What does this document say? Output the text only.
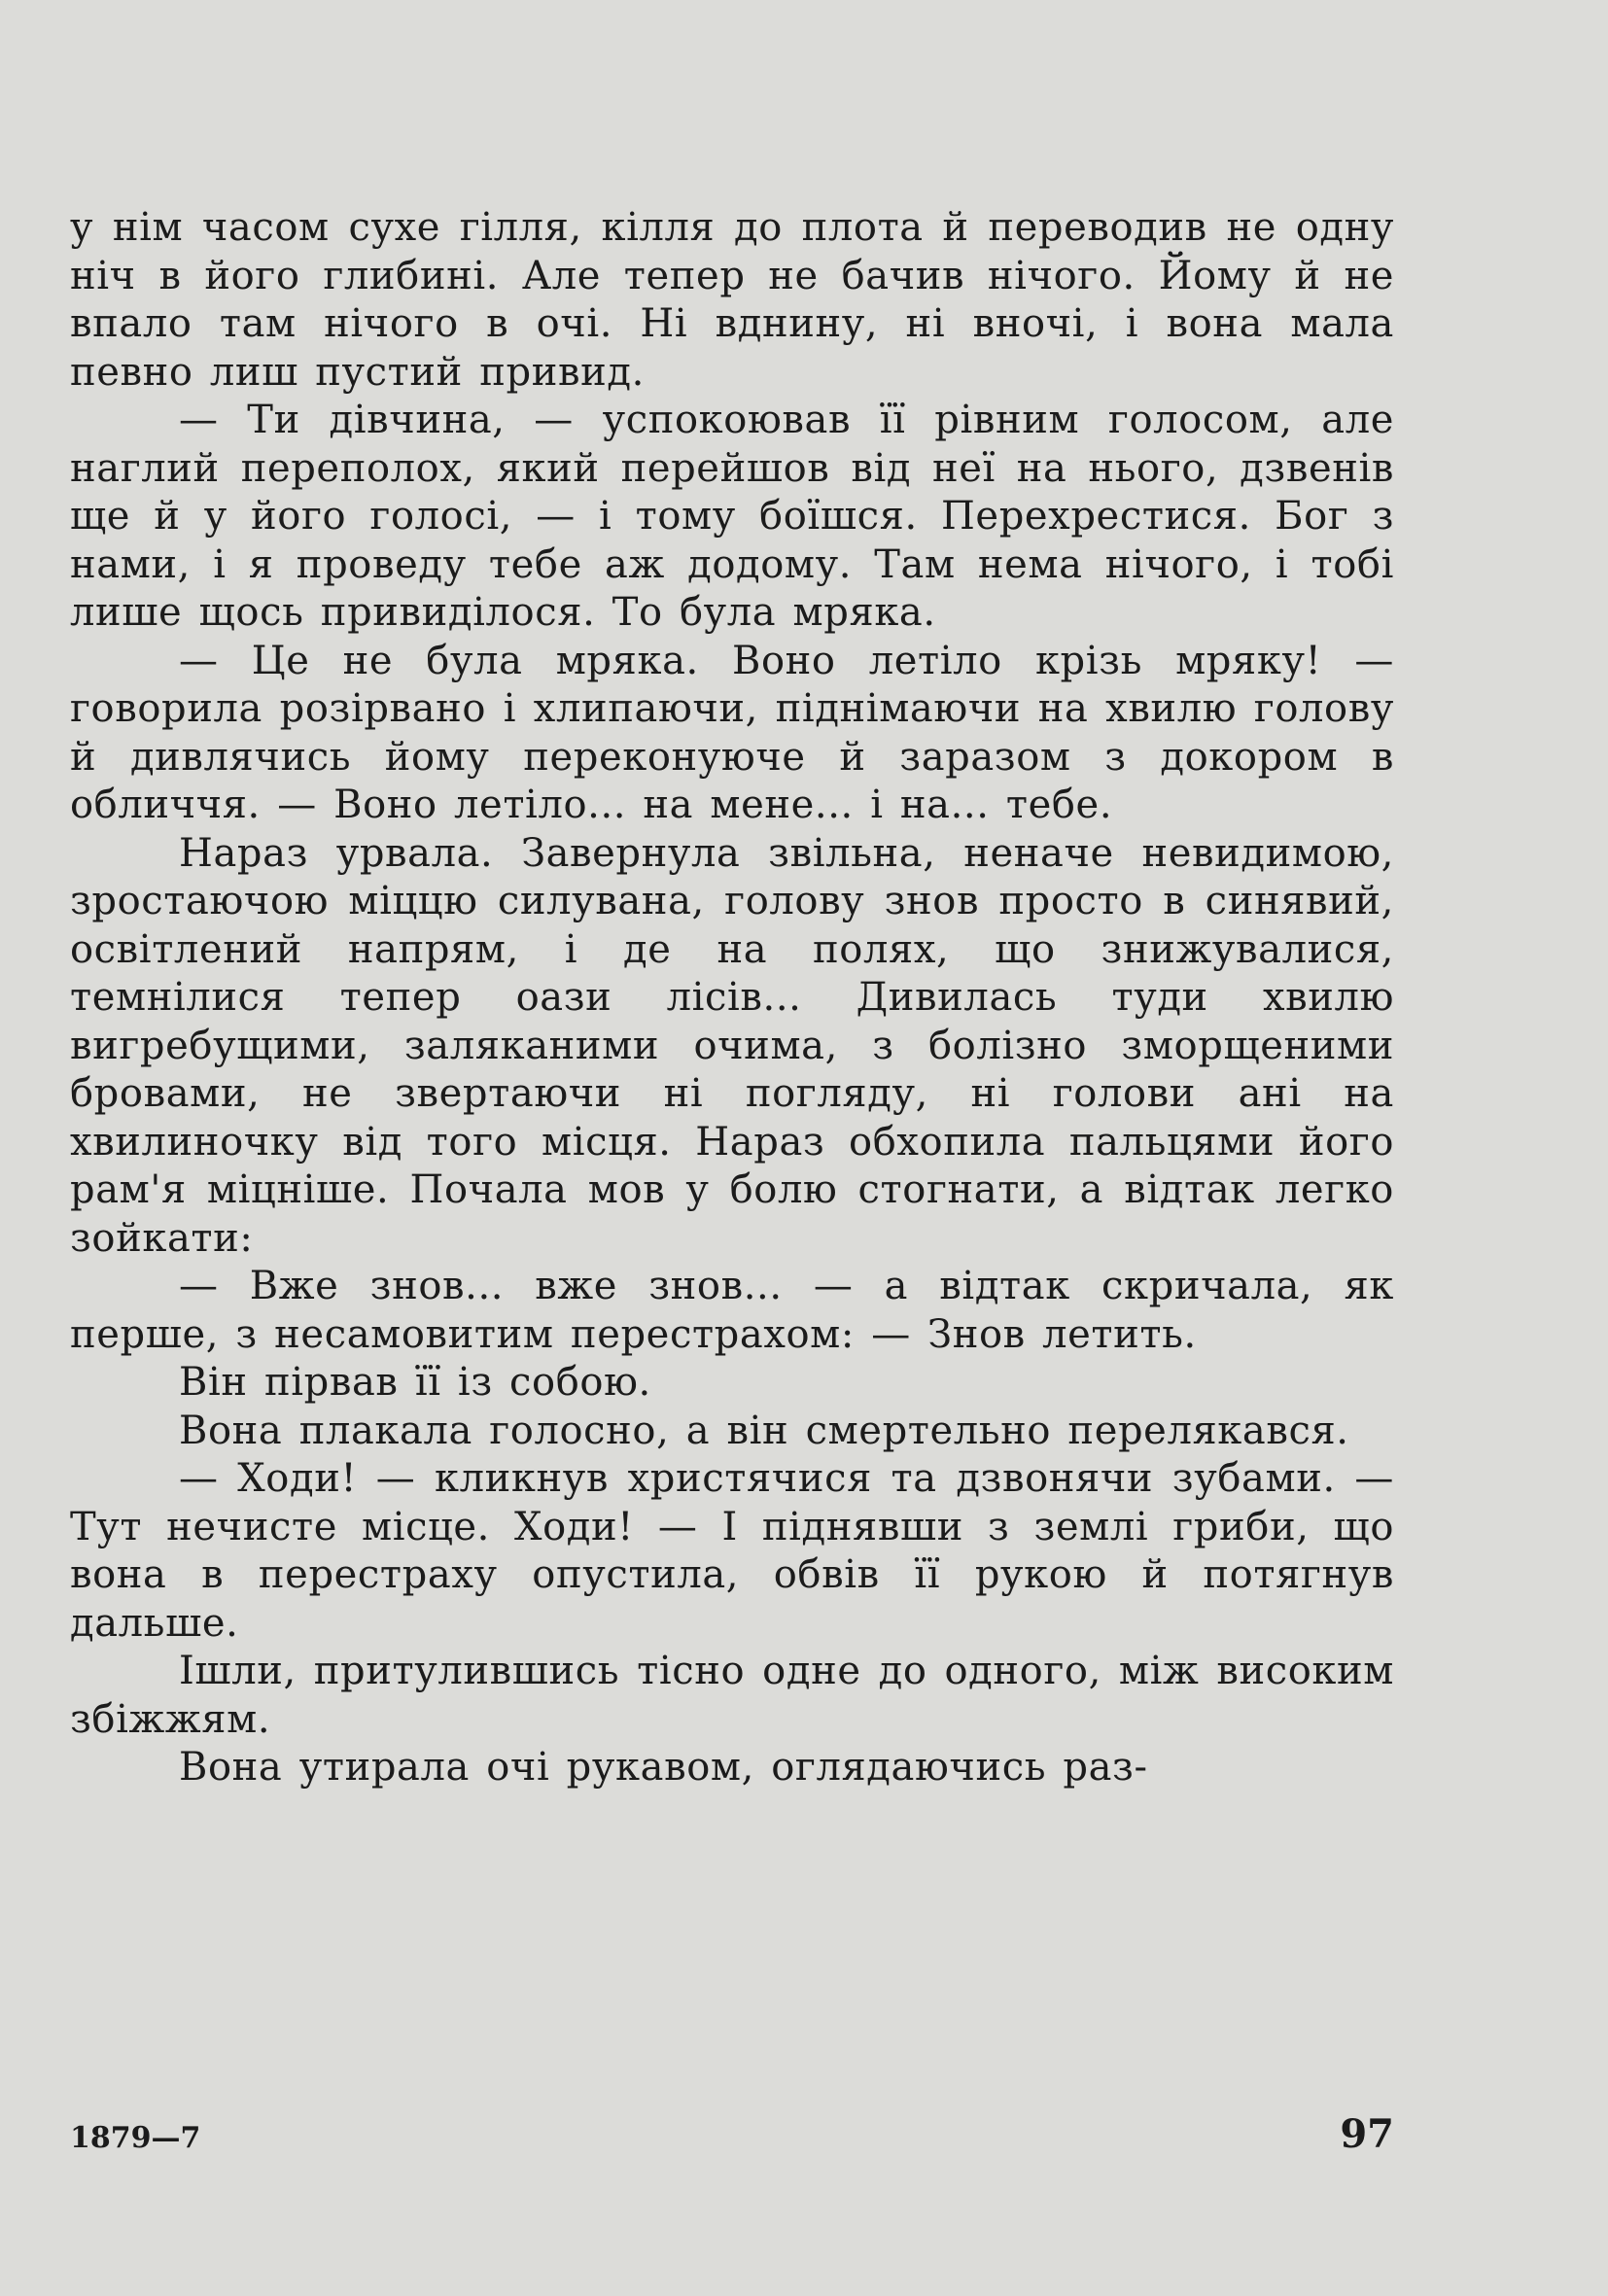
у нім часом сухе гілля, кілля до плота й переводив не одну ніч в його глибині. Але тепер не бачив нічого. Йому й не впало там нічого в очі. Ні вднину, ні вночі, і вона мала певно лиш пустий привид.

— Ти дівчина, — успокоював її рівним голосом, але наглий переполох, який перейшов від неї на нього, дзвенів ще й у його голосі, — і тому боїшся. Перехрестися. Бог з нами, і я проведу тебе аж додому. Там нема нічого, і тобі лише щось привиділося. То була мряка.

— Це не була мряка. Воно летіло крізь мряку! — говорила розірвано і хлипаючи, піднімаючи на хвилю голову й дивлячись йому переконуюче й заразом з докором в обличчя. — Воно летіло... на мене... і на... тебе.

Нараз урвала. Завернула звільна, неначе невидимою, зростаючою міццю силувана, голову знов просто в синявий, освітлений напрям, і де на полях, що знижувалися, темнілися тепер оази лісів... Дивилась туди хвилю вигребущими, заляканими очима, з болізно зморщеними бровами, не звертаючи ні погляду, ні голови ані на хвилиночку від того місця. Нараз обхопила пальцями його рам'я міцніше. Почала мов у болю стогнати, а відтак легко зойкати:

— Вже знов... вже знов... — а відтак скричала, як перше, з несамовитим перестрахом: — Знов летить.

Він пірвав її із собою.

Вона плакала голосно, а він смертельно перелякався.

— Ходи! — кликнув христячися та дзвонячи зубами. — Тут нечисте місце. Ходи! — І піднявши з землі гриби, що вона в перестраху опустила, обвів її рукою й потягнув дальше.

Ішли, притулившись тісно одне до одного, між високим збіжжям.

Вона утирала очі рукавом, оглядаючись раз-

1879—7	97
